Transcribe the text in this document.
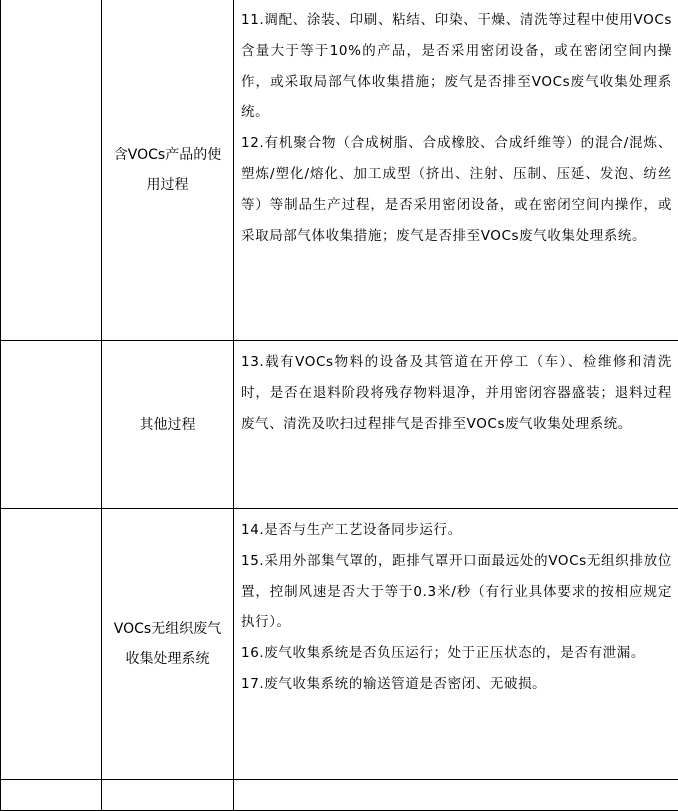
	含VOCs产品的使用过程	11.调配、涂装、印刷、粘结、印染、干燥、清洗等过程中使用VOCs含量大于等于10%的产品，是否采用密闭设备，或在密闭空间内操作，或采取局部气体收集措施；废气是否排至VOCs废气收集处理系统。
12.有机聚合物（合成树脂、合成橡胶、合成纤维等）的混合/混炼、塑炼/塑化/熔化、加工成型（挤出、注射、压制、压延、发泡、纺丝等）等制品生产过程，是否采用密闭设备，或在密闭空间内操作，或采取局部气体收集措施；废气是否排至VOCs废气收集处理系统。

	其他过程	13.载有VOCs物料的设备及其管道在开停工（车）、检维修和清洗时，是否在退料阶段将残存物料退净，并用密闭容器盛装；退料过程废气、清洗及吹扫过程排气是否排至VOCs废气收集处理系统。

	VOCs无组织废气收集处理系统	14.是否与生产工艺设备同步运行。
15.采用外部集气罩的，距排气罩开口面最远处的VOCs无组织排放位置，控制风速是否大于等于0.3米/秒（有行业具体要求的按相应规定执行）。
16.废气收集系统是否负压运行；处于正压状态的，是否有泄漏。
17.废气收集系统的输送管道是否密闭、无破损。
